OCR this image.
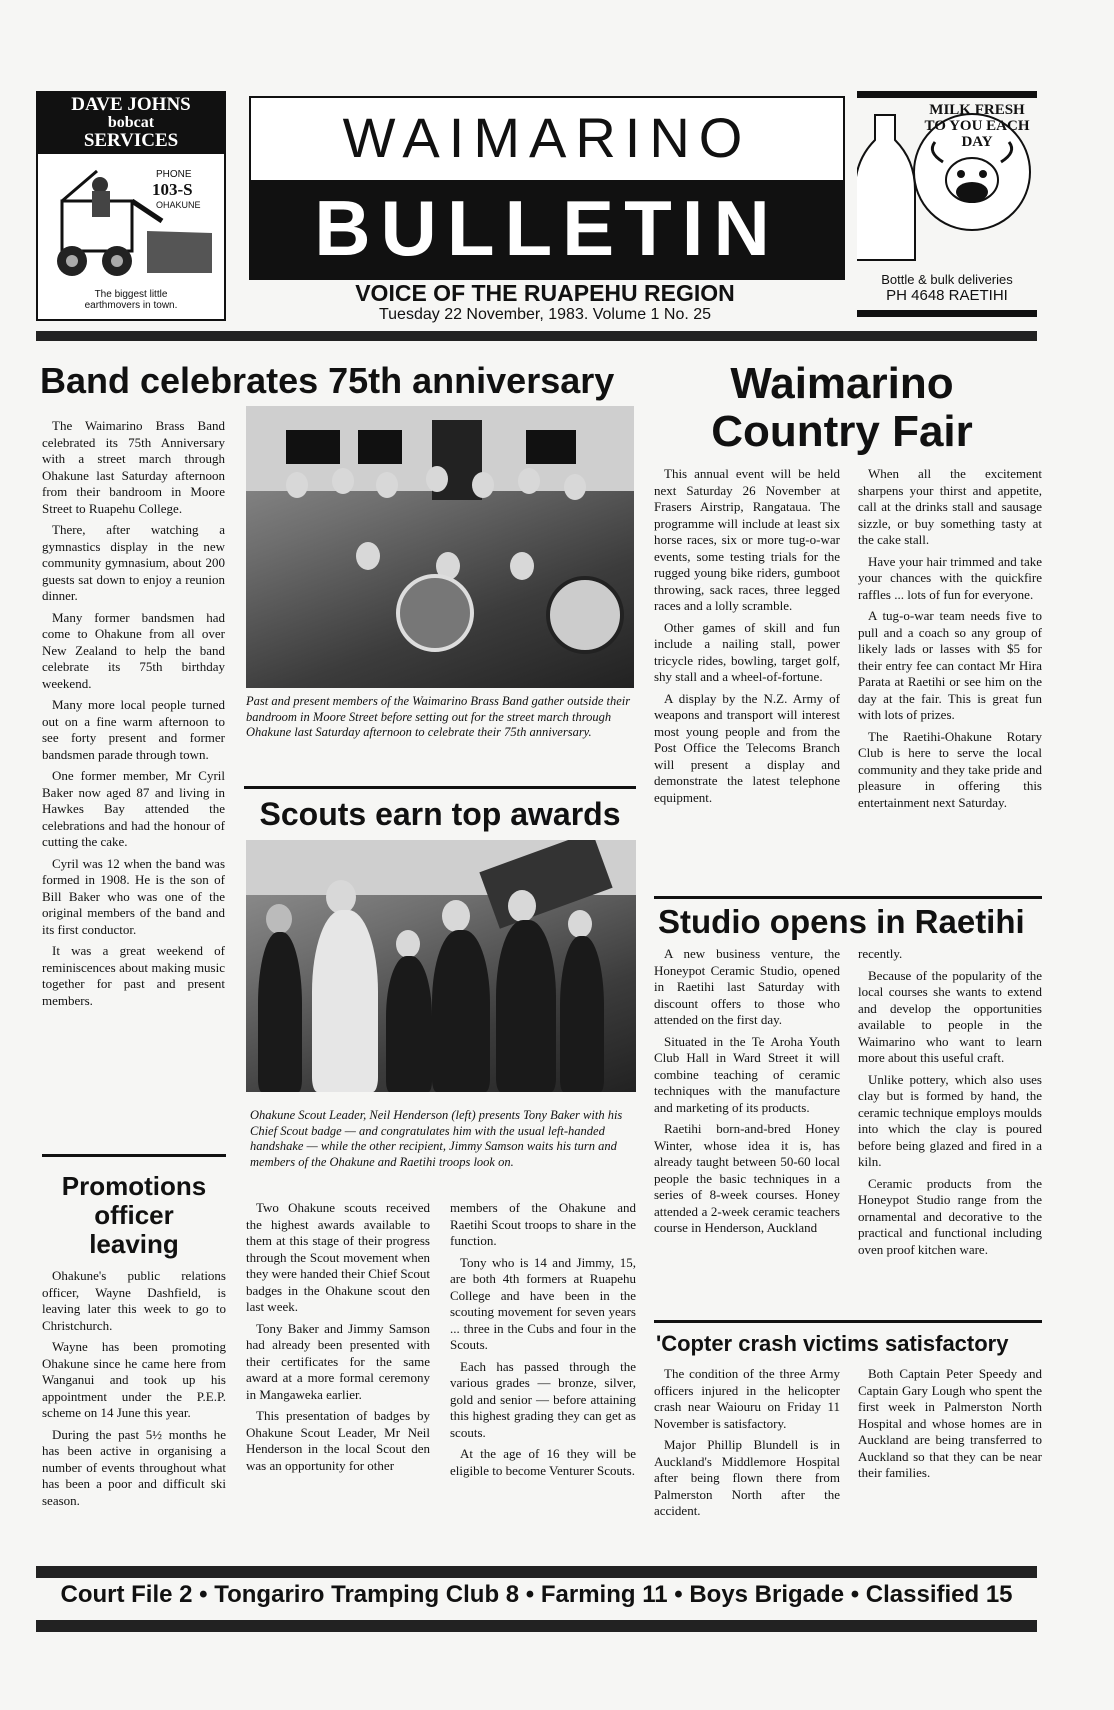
DAVE JOHNS
bobcat
SERVICES
PHONE
103-S
OHAKUNE
The biggest little
earthmovers in town.
WAIMARINO
BULLETIN
VOICE OF THE RUAPEHU REGION
Tuesday 22 November, 1983. Volume 1 No. 25
MILK FRESH TO YOU EACH DAY
Bottle & bulk deliveries
PH 4648 RAETIHI
Band celebrates 75th anniversary

The Waimarino Brass Band celebrated its 75th Anniversary with a street march through Ohakune last Saturday afternoon from their bandroom in Moore Street to Ruapehu College.

There, after watching a gymnastics display in the new community gymnasium, about 200 guests sat down to enjoy a reunion dinner.

Many former bandsmen had come to Ohakune from all over New Zealand to help the band celebrate its 75th birthday weekend.

Many more local people turned out on a fine warm afternoon to see forty present and former bandsmen parade through town.

One former member, Mr Cyril Baker now aged 87 and living in Hawkes Bay attended the celebrations and had the honour of cutting the cake.

Cyril was 12 when the band was formed in 1908. He is the son of Bill Baker who was one of the original members of the band and its first conductor.

It was a great weekend of reminiscences about making music together for past and present members.

Past and present members of the Waimarino Brass Band gather outside their bandroom in Moore Street before setting out for the street march through Ohakune last Saturday afternoon to celebrate their 75th anniversary.
Scouts earn top awards
Ohakune Scout Leader, Neil Henderson (left) presents Tony Baker with his Chief Scout badge — and congratulates him with the usual left-handed handshake — while the other recipient, Jimmy Samson waits his turn and members of the Ohakune and Raetihi troops look on.

Two Ohakune scouts received the highest awards available to them at this stage of their progress through the Scout movement when they were handed their Chief Scout badges in the Ohakune scout den last week.

Tony Baker and Jimmy Samson had already been presented with their certificates for the same award at a more formal ceremony in Mangaweka earlier.

This presentation of badges by Ohakune Scout Leader, Mr Neil Henderson in the local Scout den was an opportunity for other

members of the Ohakune and Raetihi Scout troops to share in the function.

Tony who is 14 and Jimmy, 15, are both 4th formers at Ruapehu College and have been in the scouting movement for seven years ... three in the Cubs and four in the Scouts.

Each has passed through the various grades — bronze, silver, gold and senior — before attaining this highest grading they can get as scouts.

At the age of 16 they will be eligible to become Venturer Scouts.

Promotions officer leaving

Ohakune's public relations officer, Wayne Dashfield, is leaving later this week to go to Christchurch.

Wayne has been promoting Ohakune since he came here from Wanganui and took up his appointment under the P.E.P. scheme on 14 June this year.

During the past 5½ months he has been active in organising a number of events throughout what has been a poor and difficult ski season.

Waimarino
Country Fair

This annual event will be held next Saturday 26 November at Frasers Airstrip, Rangataua. The programme will include at least six horse races, six or more tug-o-war events, some testing trials for the rugged young bike riders, gumboot throwing, sack races, three legged races and a lolly scramble.

Other games of skill and fun include a nailing stall, power tricycle rides, bowling, target golf, shy stall and a wheel-of-fortune.

A display by the N.Z. Army of weapons and transport will interest most young people and from the Post Office the Telecoms Branch will present a display and demonstrate the latest telephone equipment.

When all the excitement sharpens your thirst and appetite, call at the drinks stall and sausage sizzle, or buy something tasty at the cake stall.

Have your hair trimmed and take your chances with the quickfire raffles ... lots of fun for everyone.

A tug-o-war team needs five to pull and a coach so any group of likely lads or lasses with $5 for their entry fee can contact Mr Hira Parata at Raetihi or see him on the day at the fair. This is great fun with lots of prizes.

The Raetihi-Ohakune Rotary Club is here to serve the local community and they take pride and pleasure in offering this entertainment next Saturday.

Studio opens in Raetihi

A new business venture, the Honeypot Ceramic Studio, opened in Raetihi last Saturday with discount offers to those who attended on the first day.

Situated in the Te Aroha Youth Club Hall in Ward Street it will combine teaching of ceramic techniques with the manufacture and marketing of its products.

Raetihi born-and-bred Honey Winter, whose idea it is, has already taught between 50-60 local people the basic techniques in a series of 8-week courses. Honey attended a 2-week ceramic teachers course in Henderson, Auckland

recently.

Because of the popularity of the local courses she wants to extend and develop the opportunities available to people in the Waimarino who want to learn more about this useful craft.

Unlike pottery, which also uses clay but is formed by hand, the ceramic technique employs moulds into which the clay is poured before being glazed and fired in a kiln.

Ceramic products from the Honeypot Studio range from the ornamental and decorative to the practical and functional including oven proof kitchen ware.

'Copter crash victims satisfactory

The condition of the three Army officers injured in the helicopter crash near Waiouru on Friday 11 November is satisfactory.

Major Phillip Blundell is in Auckland's Middlemore Hospital after being flown there from Palmerston North after the accident.

Both Captain Peter Speedy and Captain Gary Lough who spent the first week in Palmerston North Hospital and whose homes are in Auckland are being transferred to Auckland so that they can be near their families.

Court File 2 • Tongariro Tramping Club 8 • Farming 11 • Boys Brigade • Classified 15
